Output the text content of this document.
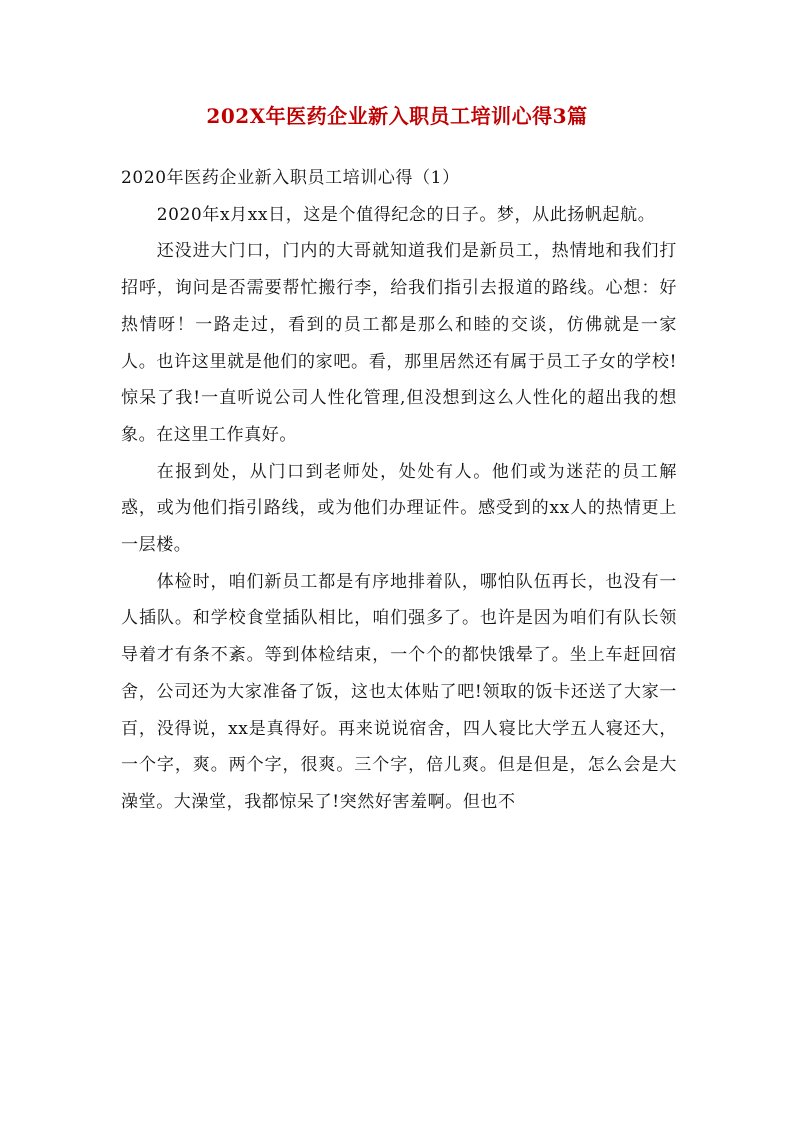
202X年医药企业新入职员工培训心得3篇

2020年医药企业新入职员工培训心得（1）

2020年x月xx日，这是个值得纪念的日子。梦，从此扬帆起航。

还没进大门口，门内的大哥就知道我们是新员工，热情地和我们打招呼，询问是否需要帮忙搬行李，给我们指引去报道的路线。心想：好热情呀！一路走过，看到的员工都是那么和睦的交谈，仿佛就是一家人。也许这里就是他们的家吧。看，那里居然还有属于员工子女的学校!惊呆了我!一直听说公司人性化管理,但没想到这么人性化的超出我的想象。在这里工作真好。

在报到处，从门口到老师处，处处有人。他们或为迷茫的员工解惑，或为他们指引路线，或为他们办理证件。感受到的xx人的热情更上一层楼。

体检时，咱们新员工都是有序地排着队，哪怕队伍再长，也没有一人插队。和学校食堂插队相比，咱们强多了。也许是因为咱们有队长领导着才有条不紊。等到体检结束，一个个的都快饿晕了。坐上车赶回宿舍，公司还为大家准备了饭，这也太体贴了吧!领取的饭卡还送了大家一百，没得说，xx是真得好。再来说说宿舍，四人寝比大学五人寝还大，一个字，爽。两个字，很爽。三个字，倍儿爽。但是但是，怎么会是大澡堂。大澡堂，我都惊呆了!突然好害羞啊。但也不
